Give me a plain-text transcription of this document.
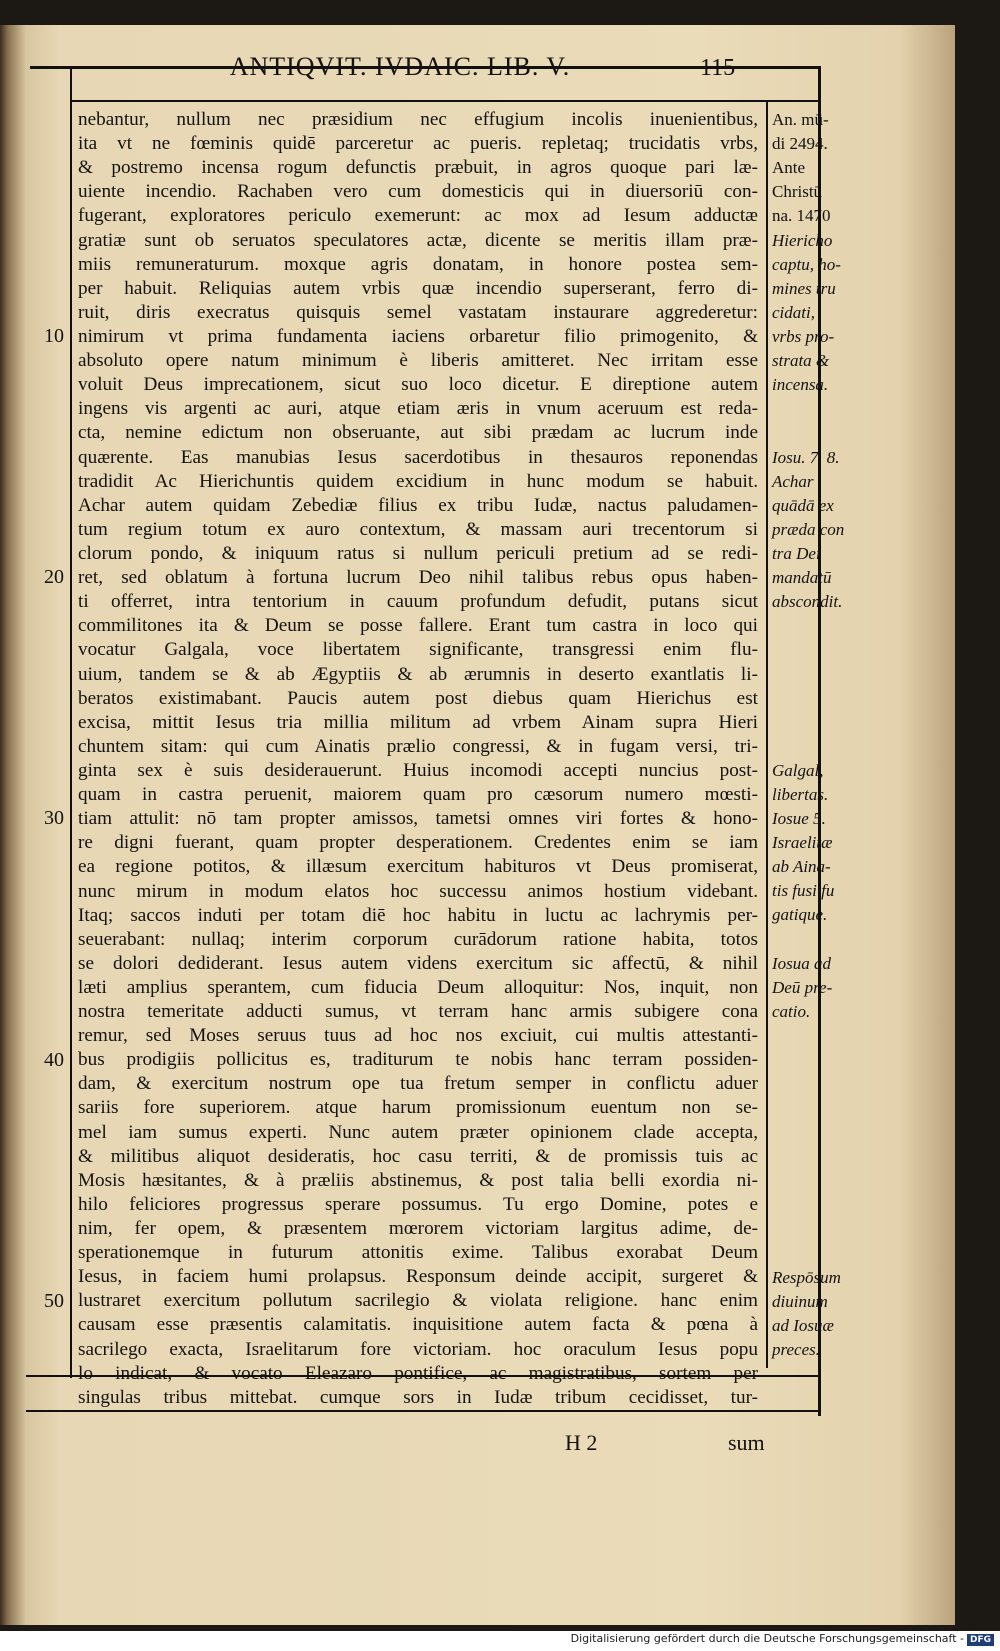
ANTIQVIT. IVDAIC. LIB. V.	115
nebantur, nullum nec præsidium nec effugium incolis inuenientibus,
ita vt ne fœminis quidē parceretur ac pueris. repletaq; trucidatis vrbs,
& postremo incensa rogum defunctis præbuit, in agros quoque pari læ-
uiente incendio. Rachaben vero cum domesticis qui in diuersoriū con-
fugerant, exploratores periculo exemerunt: ac mox ad Iesum adductæ
gratiæ sunt ob seruatos speculatores actæ, dicente se meritis illam præ-
miis remuneraturum. moxque agris donatam, in honore postea sem-
per habuit. Reliquias autem vrbis quæ incendio superserant, ferro di-
ruit, diris execratus quisquis semel vastatam instaurare aggrederetur:
nimirum vt prima fundamenta iaciens orbaretur filio primogenito, &
absoluto opere natum minimum è liberis amitteret. Nec irritam esse
voluit Deus imprecationem, sicut suo loco dicetur. E direptione autem
ingens vis argenti ac auri, atque etiam æris in vnum aceruum est reda-
cta, nemine edictum non obseruante, aut sibi prædam ac lucrum inde
quærente. Eas manubias Iesus sacerdotibus in thesauros reponendas
tradidit Ac Hierichuntis quidem excidium in hunc modum se habuit.
Achar autem quidam Zebediæ filius ex tribu Iudæ, nactus paludamen-
tum regium totum ex auro contextum, & massam auri trecentorum si
clorum pondo, & iniquum ratus si nullum periculi pretium ad se redi-
ret, sed oblatum à fortuna lucrum Deo nihil talibus rebus opus haben-
ti offerret, intra tentorium in cauum profundum defudit, putans sicut
commilitones ita & Deum se posse fallere. Erant tum castra in loco qui
vocatur Galgala, voce libertatem significante, transgressi enim flu-
uium, tandem se & ab Ægyptiis & ab ærumnis in deserto exantlatis li-
beratos existimabant. Paucis autem post diebus quam Hierichus est
excisa, mittit Iesus tria millia militum ad vrbem Ainam supra Hieri
chuntem sitam: qui cum Ainatis prælio congressi, & in fugam versi, tri-
ginta sex è suis desiderauerunt. Huius incomodi accepti nuncius post-
quam in castra peruenit, maiorem quam pro cæsorum numero mœsti-
tiam attulit: nō tam propter amissos, tametsi omnes viri fortes & hono-
re digni fuerant, quam propter desperationem. Credentes enim se iam
ea regione potitos, & illæsum exercitum habituros vt Deus promiserat,
nunc mirum in modum elatos hoc successu animos hostium videbant.
Itaq; saccos induti per totam diē hoc habitu in luctu ac lachrymis per-
seuerabant: nullaq; interim corporum curādorum ratione habita, totos
se dolori dediderant. Iesus autem videns exercitum sic affectū, & nihil
læti amplius sperantem, cum fiducia Deum alloquitur: Nos, inquit, non
nostra temeritate adducti sumus, vt terram hanc armis subigere cona
remur, sed Moses seruus tuus ad hoc nos exciuit, cui multis attestanti-
bus prodigiis pollicitus es, traditurum te nobis hanc terram possiden-
dam, & exercitum nostrum ope tua fretum semper in conflictu aduer
sariis fore superiorem. atque harum promissionum euentum non se-
mel iam sumus experti. Nunc autem præter opinionem clade accepta,
& militibus aliquot desideratis, hoc casu territi, & de promissis tuis ac
Mosis hæsitantes, & à præliis abstinemus, & post talia belli exordia ni-
hilo feliciores progressus sperare possumus. Tu ergo Domine, potes e
nim, fer opem, & præsentem mœrorem victoriam largitus adime, de-
sperationemque in futurum attonitis exime. Talibus exorabat Deum
Iesus, in faciem humi prolapsus. Responsum deinde accipit, surgeret &
lustraret exercitum pollutum sacrilegio & violata religione. hanc enim
causam esse præsentis calamitatis. inquisitione autem facta & pœna à
sacrilego exacta, Israelitarum fore victoriam. hoc oraculum Iesus popu
lo indicat, & vocato Eleazaro pontifice, ac magistratibus, sortem per
singulas tribus mittebat. cumque sors in Iudæ tribum cecidisset, tur-
10
20
30
40
50
An. mū-
di 2494.
Ante
Christū
na. 1470
Hiericho
captu, ho-
mines tru
cidati,
vrbs pro-
strata &
incensa.
Iosu. 7. 8.
Achar
quādā ex
præda con
tra Dei
mandatū
abscondit.
Galgal,
libertas.
Iosue 5.
Israelitæ
ab Aina-
tis fusi fu
gatique.
Iosua ad
Deū pre-
catio.
Respōsum
diuinum
ad Iosuæ
preces.
H 2	sum
Digitalisierung gefördert durch die Deutsche Forschungsgemeinschaft - DFG
